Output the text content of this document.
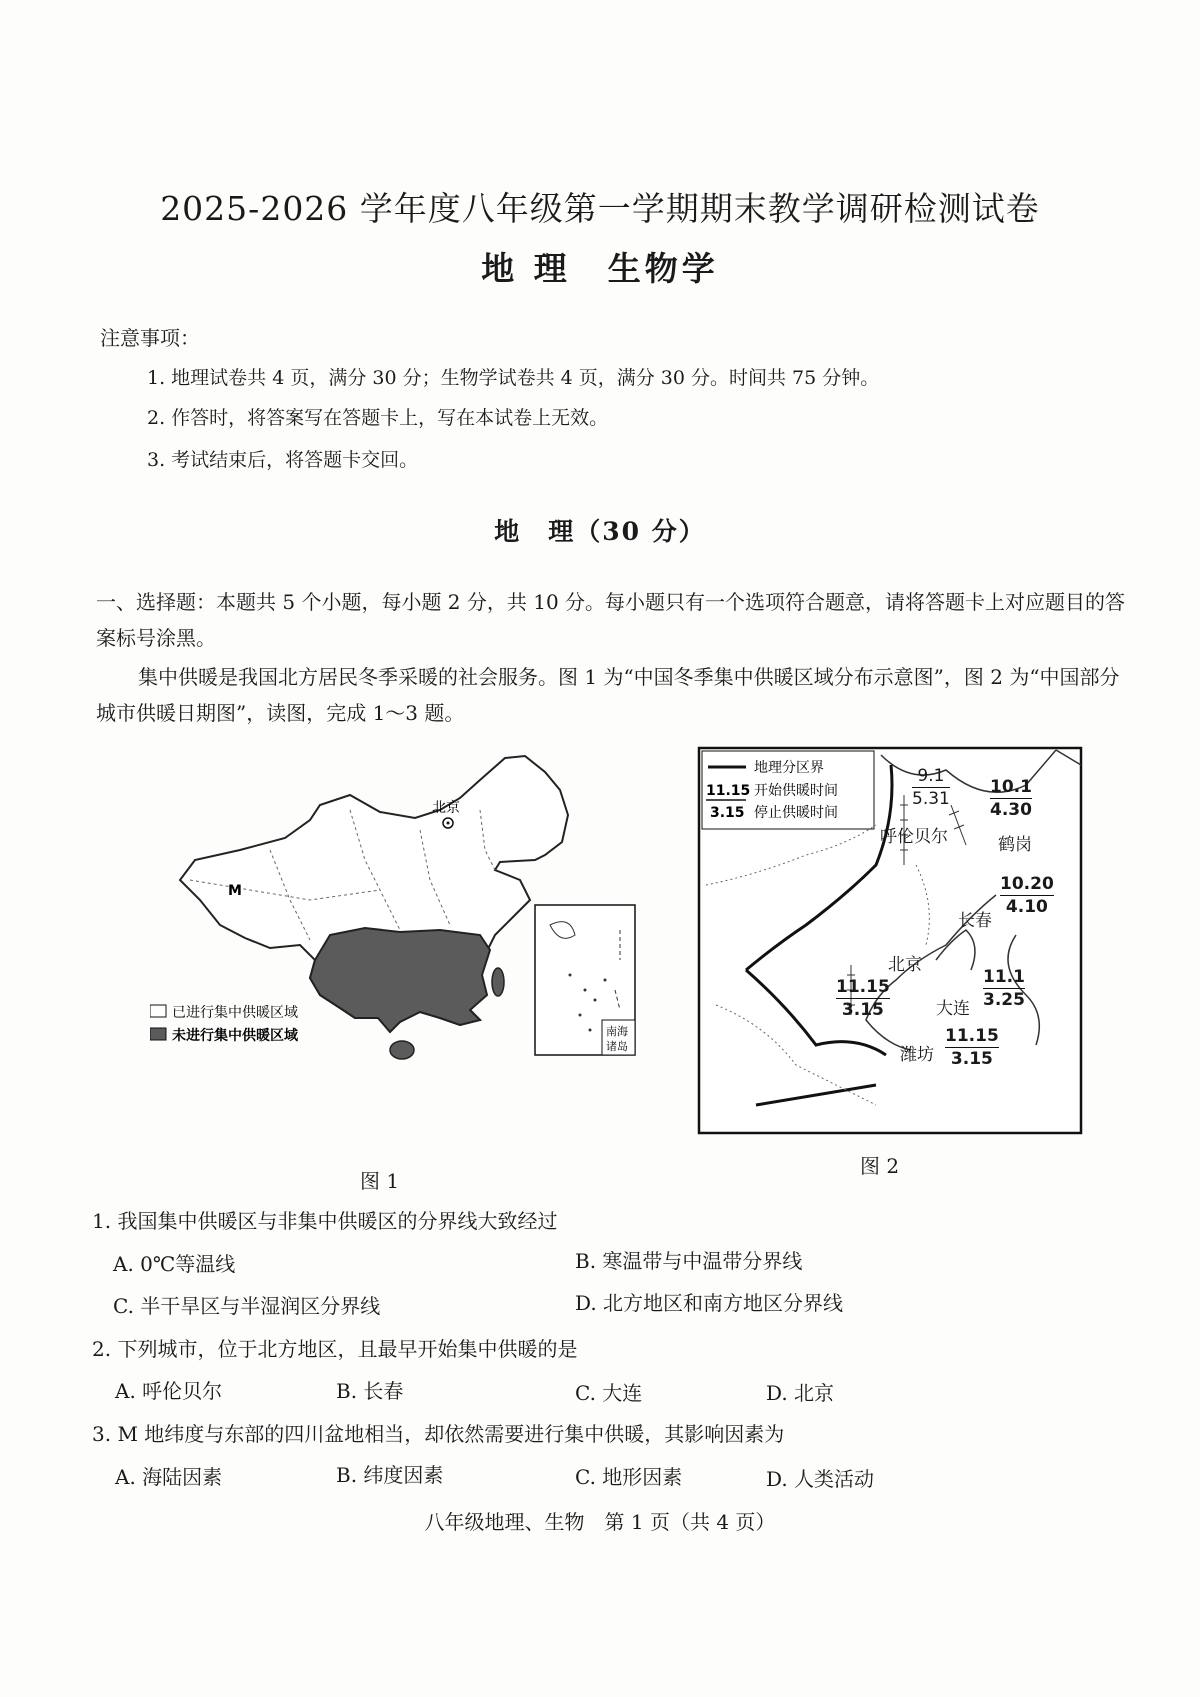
2025-2026 学年度八年级第一学期期末教学调研检测试卷
地 理　生物学
注意事项：
1. 地理试卷共 4 页，满分 30 分；生物学试卷共 4 页，满分 30 分。时间共 75 分钟。
2. 作答时，将答案写在答题卡上，写在本试卷上无效。
3. 考试结束后，将答题卡交回。
地　理（30 分）
一、选择题：本题共 5 个小题，每小题 2 分，共 10 分。每小题只有一个选项符合题意，请将答题卡上对应题目的答案标号涂黑。
集中供暖是我国北方居民冬季采暖的社会服务。图 1 为“中国冬季集中供暖区域分布示意图”，图 2 为“中国部分城市供暖日期图”，读图，完成 1～3 题。
北京
M
已进行集中供暖区域
未进行集中供暖区域	南海
诸岛
图 1
地理分区界
11.15
3.15
开始供暖时间
停止供暖时间
9.1
5.31
呼伦贝尔
10.1
4.30
鹤岗
10.20
4.10
长春
北京
11.15
3.15
11.1
3.25
大连
11.15
3.15
潍坊
图 2
1. 我国集中供暖区与非集中供暖区的分界线大致经过
A. 0℃等温线	B. 寒温带与中温带分界线
C. 半干旱区与半湿润区分界线	D. 北方地区和南方地区分界线
2. 下列城市，位于北方地区，且最早开始集中供暖的是
A. 呼伦贝尔	B. 长春	C. 大连	D. 北京
3. M 地纬度与东部的四川盆地相当，却依然需要进行集中供暖，其影响因素为
A. 海陆因素	B. 纬度因素	C. 地形因素	D. 人类活动
八年级地理、生物　第 1 页（共 4 页）
